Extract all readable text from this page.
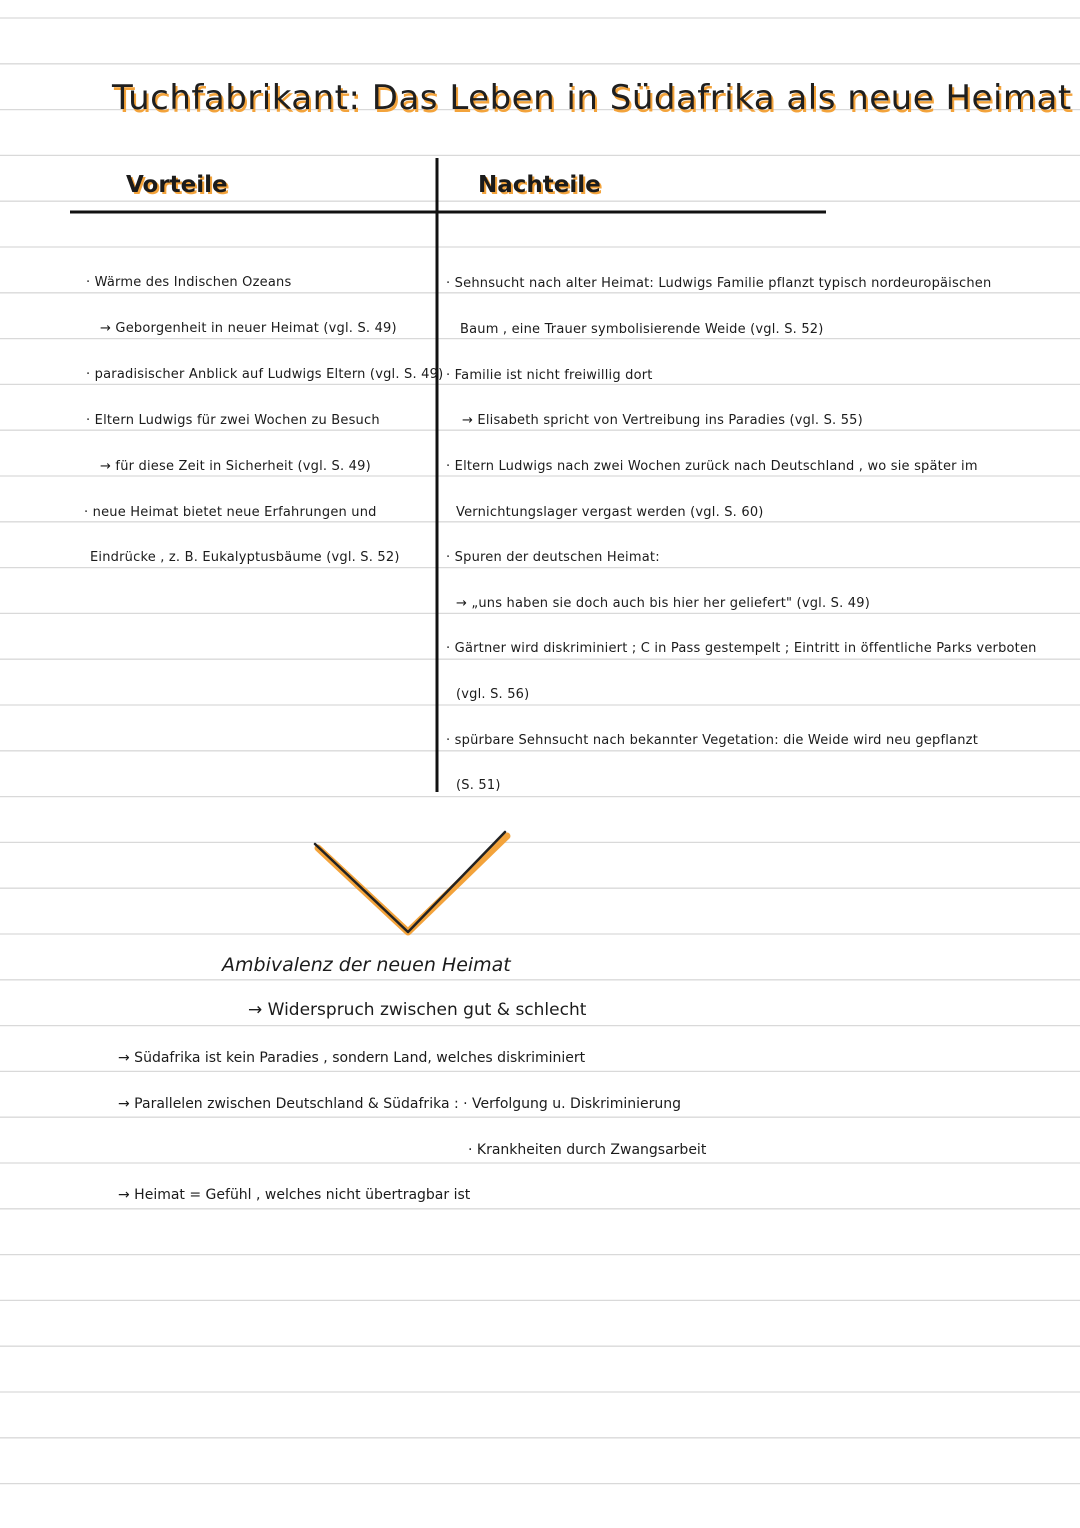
Tuchfabrikant: Das Leben in Südafrika als neue Heimat
Vorteile	Nachteile
· Wärme des Indischen Ozeans
→ Geborgenheit in neuer Heimat (vgl. S. 49)
· paradisischer Anblick auf Ludwigs Eltern (vgl. S. 49)
· Eltern Ludwigs für zwei Wochen zu Besuch
→ für diese Zeit in Sicherheit (vgl. S. 49)
· neue Heimat bietet neue Erfahrungen und
Eindrücke , z. B. Eukalyptusbäume (vgl. S. 52)
· Sehnsucht nach alter Heimat: Ludwigs Familie pflanzt typisch nordeuropäischen
Baum , eine Trauer symbolisierende Weide (vgl. S. 52)
· Familie ist nicht freiwillig dort
→ Elisabeth spricht von Vertreibung ins Paradies (vgl. S. 55)
· Eltern Ludwigs nach zwei Wochen zurück nach Deutschland , wo sie später im
Vernichtungslager vergast werden (vgl. S. 60)
· Spuren der deutschen Heimat:
→ „uns haben sie doch auch bis hier her geliefert" (vgl. S. 49)
· Gärtner wird diskriminiert ; C in Pass gestempelt ; Eintritt in öffentliche Parks verboten
(vgl. S. 56)
· spürbare Sehnsucht nach bekannter Vegetation: die Weide wird neu gepflanzt
(S. 51)
Ambivalenz der neuen Heimat
→ Widerspruch zwischen gut & schlecht
→ Südafrika ist kein Paradies , sondern Land, welches diskriminiert
→ Parallelen zwischen Deutschland & Südafrika : · Verfolgung u. Diskriminierung
· Krankheiten durch Zwangsarbeit
→ Heimat = Gefühl , welches nicht übertragbar ist
